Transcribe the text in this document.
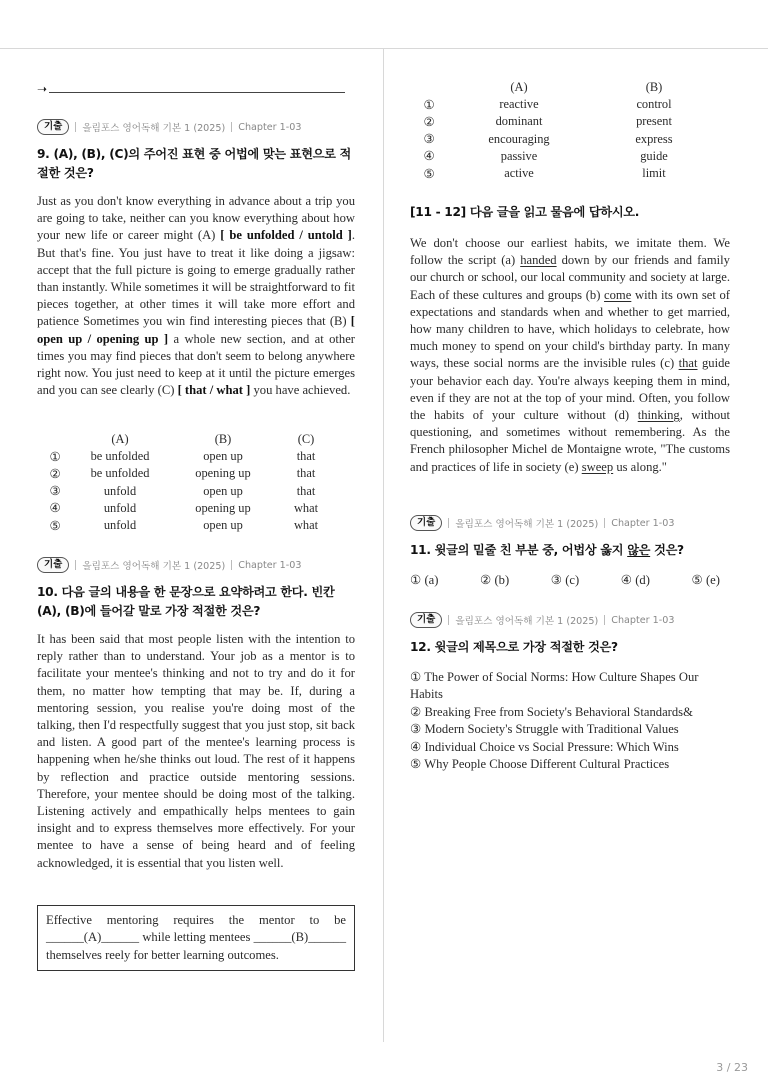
➝
기출	올림포스 영어독해 기본 1 (2025) Chapter 1-03
9. (A), (B), (C)의 주어진 표현 중 어법에 맞는 표현으로 적절한 것은?
Just as you don't know everything in advance about a trip you are going to take, neither can you know everything about how your new life or career might (A) [ be unfolded / untold ]. But that's fine. You just have to treat it like doing a jigsaw: accept that the full picture is going to emerge gradually rather than instantly. While sometimes it will be straightforward to fit pieces together, at other times it will take more effort and patience Sometimes you win find interesting pieces that (B) [ open up / opening up ] a whole new section, and at other times you may find pieces that don't seem to belong anywhere right now. You just need to keep at it until the picture emerges and you can see clearly (C) [ that / what ] you have achieved.
	(A)	(B)	(C)
①	be unfolded	open up	that
②	be unfolded	opening up	that
③	unfold	open up	that
④	unfold	opening up	what
⑤	unfold	open up	what
기출	올림포스 영어독해 기본 1 (2025) Chapter 1-03
10. 다음 글의 내용을 한 문장으로 요약하려고 한다. 빈칸 (A), (B)에 들어갈 말로 가장 적절한 것은?
It has been said that most people listen with the intention to reply rather than to understand. Your job as a mentor is to facilitate your mentee's thinking and not to try and do it for them, no matter how tempting that may be. If, during a mentoring session, you realise you're doing most of the talking, then I'd respectfully suggest that you just stop, sit back and listen. A good part of the mentee's learning process is happening when he/she thinks out loud. The rest of it happens by reflection and practice outside mentoring sessions. Therefore, your mentee should be doing most of the talking. Listening actively and empathically helps mentees to gain insight and to express themselves more effectively. For your mentee to have a sense of being heard and of feeling acknowledged, it is essential that you listen well.
Effective mentoring requires the mentor to be ______(A)______ while letting mentees ______(B)______ themselves reely for better learning outcomes.
	(A)	(B)
①	reactive	control
②	dominant	present
③	encouraging	express
④	passive	guide
⑤	active	limit
[11 - 12] 다음 글을 읽고 물음에 답하시오.
We don't choose our earliest habits, we imitate them. We follow the script (a) handed down by our friends and family our church or school, our local community and society at large. Each of these cultures and groups (b) come with its own set of expectations and standards when and whether to get married, how many children to have, which holidays to celebrate, how much money to spend on your child's birthday party. In many ways, these social norms are the invisible rules (c) that guide your behavior each day. You're always keeping them in mind, even if they are not at the top of your mind. Often, you follow the habits of your culture without (d) thinking, without questioning, and sometimes without remembering. As the French philosopher Michel de Montaigne wrote, "The customs and practices of life in society (e) sweep us along."
기출	올림포스 영어독해 기본 1 (2025) Chapter 1-03
11. 윗글의 밑줄 친 부분 중, 어법상 옳지 않은 것은?
① (a)	② (b)	③ (c)	④ (d)	⑤ (e)
기출	올림포스 영어독해 기본 1 (2025) Chapter 1-03
12. 윗글의 제목으로 가장 적절한 것은?
① The Power of Social Norms: How Culture Shapes Our Habits
② Breaking Free from Society's Behavioral Standards&
③ Modern Society's Struggle with Traditional Values
④ Individual Choice vs Social Pressure: Which Wins
⑤ Why People Choose Different Cultural Practices
3 / 23
